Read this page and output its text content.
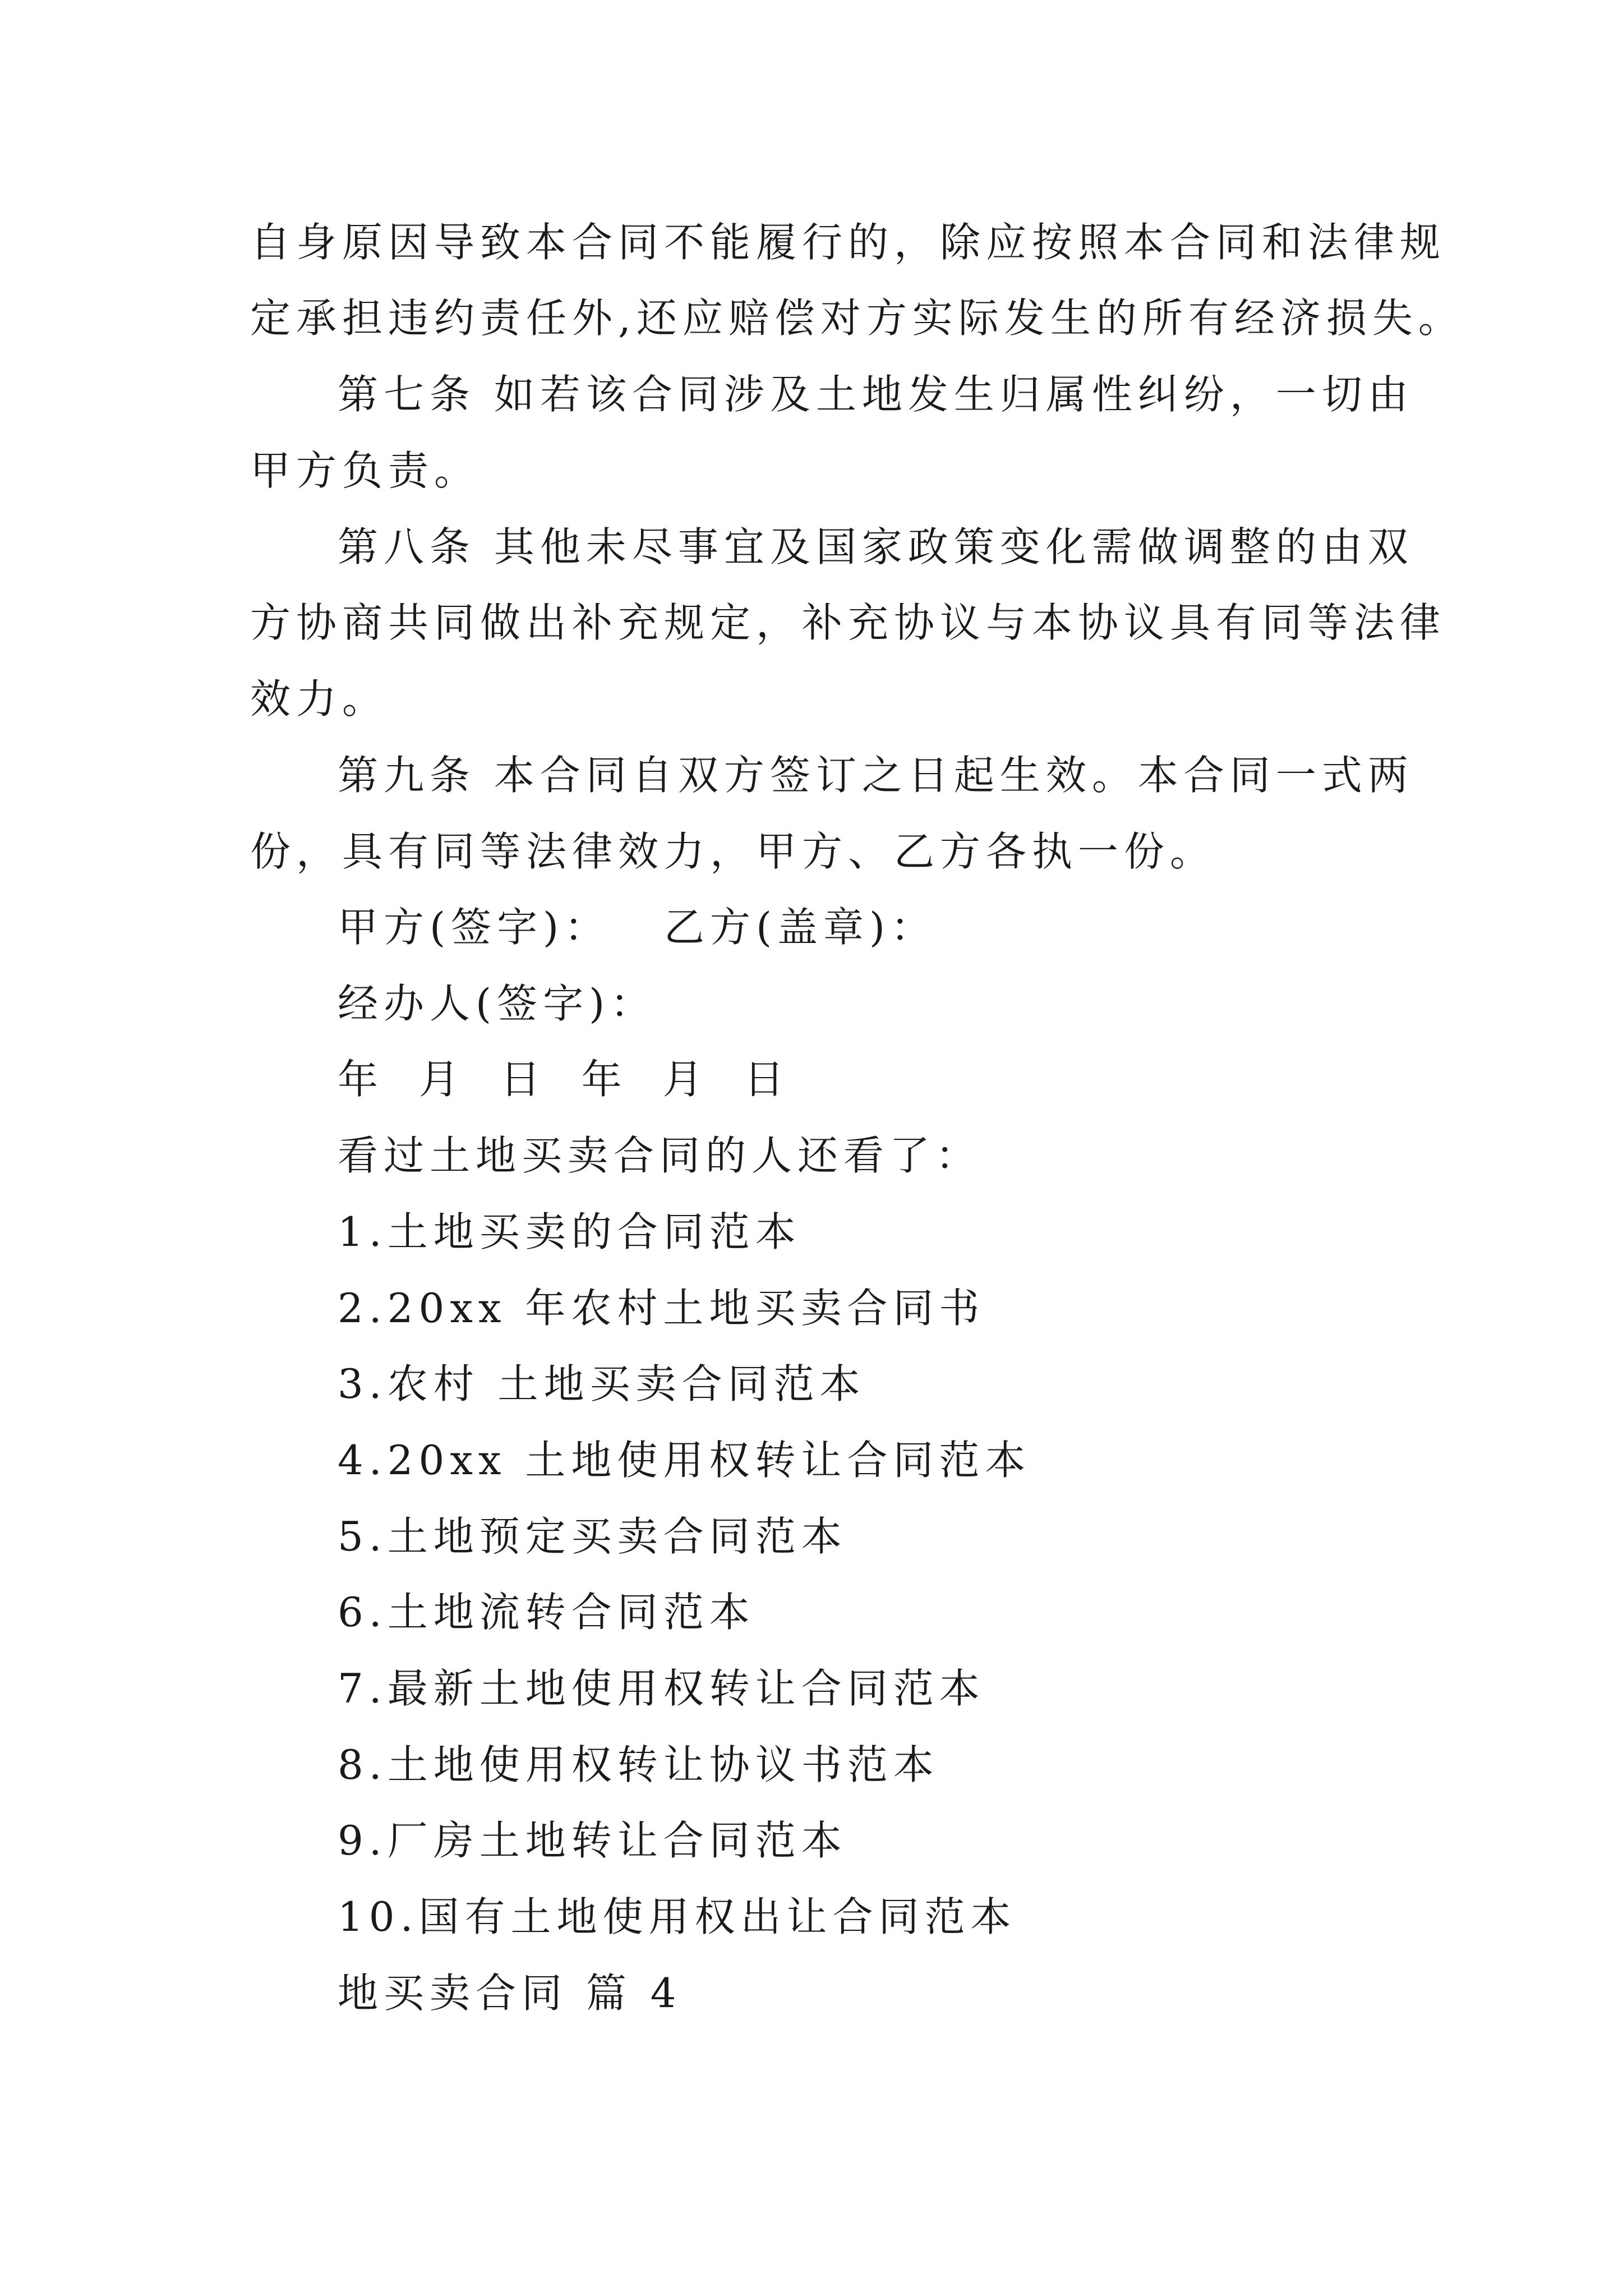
自身原因导致本合同不能履行的，除应按照本合同和法律规
定承担违约责任外,还应赔偿对方实际发生的所有经济损失。
第七条 如若该合同涉及土地发生归属性纠纷，一切由
甲方负责。
第八条 其他未尽事宜及国家政策变化需做调整的由双
方协商共同做出补充规定，补充协议与本协议具有同等法律
效力。
第九条 本合同自双方签订之日起生效。本合同一式两
份，具有同等法律效力，甲方、乙方各执一份。
甲方(签字)： 乙方(盖章)：
经办人(签字)：
年 月 日 年 月 日
看过土地买卖合同的人还看了：
1.土地买卖的合同范本
2.20xx 年农村土地买卖合同书
3.农村 土地买卖合同范本
4.20xx 土地使用权转让合同范本
5.土地预定买卖合同范本
6.土地流转合同范本
7.最新土地使用权转让合同范本
8.土地使用权转让协议书范本
9.厂房土地转让合同范本
10.国有土地使用权出让合同范本
地买卖合同 篇 4
